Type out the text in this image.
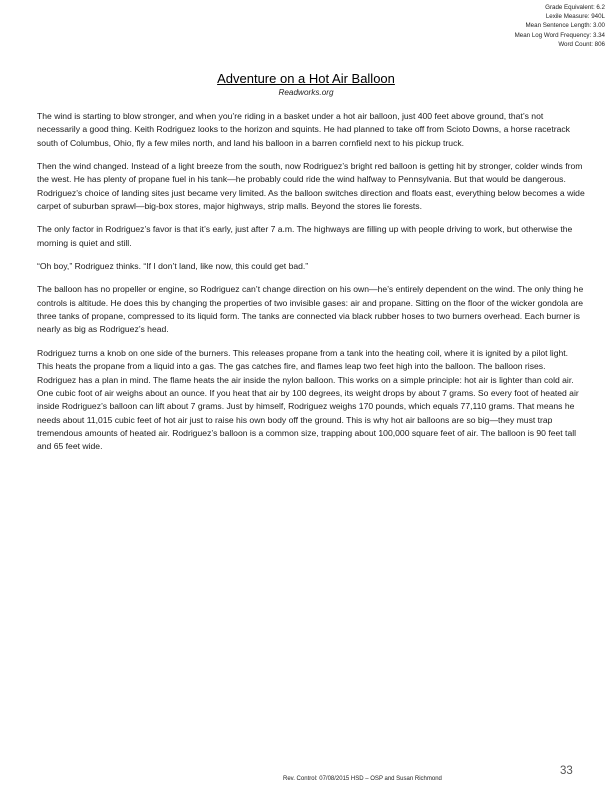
Grade Equivalent: 6.2
Lexile Measure: 940L
Mean Sentence Length: 3.00
Mean Log Word Frequency: 3.34
Word Count: 806
Adventure on a Hot Air Balloon
Readworks.org

The wind is starting to blow stronger, and when you’re riding in a basket under a hot air balloon, just 400 feet above ground, that’s not necessarily a good thing. Keith Rodriguez looks to the horizon and squints. He had planned to take off from Scioto Downs, a horse racetrack south of Columbus, Ohio, fly a few miles north, and land his balloon in a barren cornfield next to his pickup truck.

Then the wind changed. Instead of a light breeze from the south, now Rodriguez’s bright red balloon is getting hit by stronger, colder winds from the west. He has plenty of propane fuel in his tank—he probably could ride the wind halfway to Pennsylvania. But that would be dangerous. Rodriguez’s choice of landing sites just became very limited. As the balloon switches direction and floats east, everything below becomes a wide carpet of suburban sprawl—big-box stores, major highways, strip malls. Beyond the stores lie forests.

The only factor in Rodriguez’s favor is that it’s early, just after 7 a.m. The highways are filling up with people driving to work, but otherwise the morning is quiet and still.

“Oh boy,” Rodriguez thinks. “If I don’t land, like now, this could get bad.”

The balloon has no propeller or engine, so Rodriguez can’t change direction on his own—he’s entirely dependent on the wind. The only thing he controls is altitude. He does this by changing the properties of two invisible gases: air and propane. Sitting on the floor of the wicker gondola are three tanks of propane, compressed to its liquid form. The tanks are connected via black rubber hoses to two burners overhead. Each burner is nearly as big as Rodriguez’s head.

Rodriguez turns a knob on one side of the burners. This releases propane from a tank into the heating coil, where it is ignited by a pilot light. This heats the propane from a liquid into a gas. The gas catches fire, and flames leap two feet high into the balloon. The balloon rises. Rodriguez has a plan in mind. The flame heats the air inside the nylon balloon. This works on a simple principle: hot air is lighter than cold air. One cubic foot of air weighs about an ounce. If you heat that air by 100 degrees, its weight drops by about 7 grams. So every foot of heated air inside Rodriguez’s balloon can lift about 7 grams. Just by himself, Rodriguez weighs 170 pounds, which equals 77,110 grams. That means he needs about 11,015 cubic feet of hot air just to raise his own body off the ground. This is why hot air balloons are so big—they must trap tremendous amounts of heated air. Rodriguez’s balloon is a common size, trapping about 100,000 square feet of air. The balloon is 90 feet tall and 65 feet wide.

Rev. Control: 07/08/2015 HSD – OSP and Susan Richmond
33
